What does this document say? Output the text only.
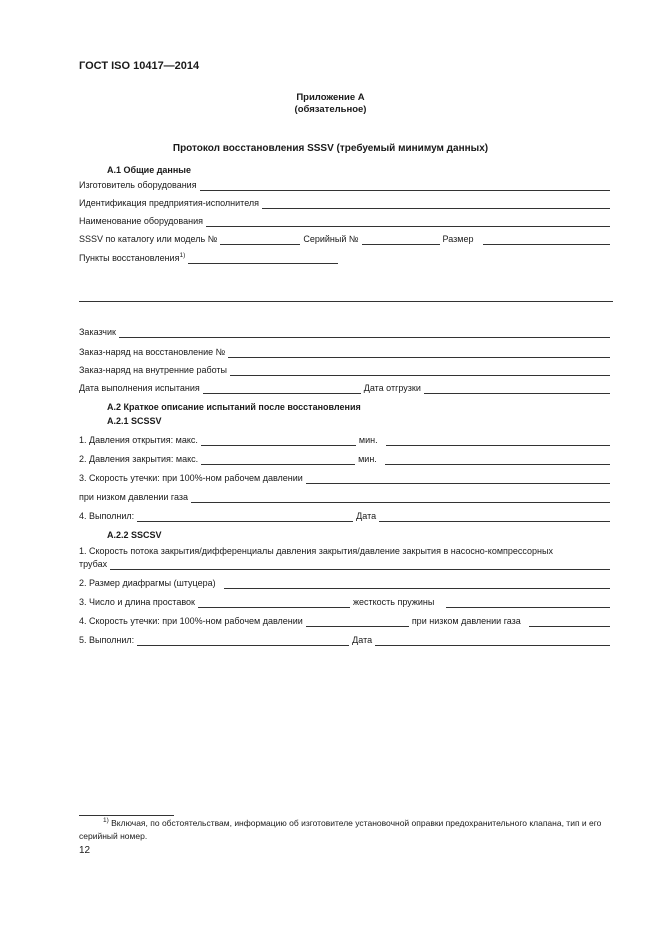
ГОСТ ISO 10417—2014
Приложение А
(обязательное)
Протокол восстановления SSSV (требуемый минимум данных)
А.1 Общие данные
Изготовитель оборудования
Идентификация предприятия-исполнителя
Наименование оборудования
SSSV по каталогу или модель №	Серийный №	Размер
Пункты восстановления$^{1)}$
Заказчик
Заказ-наряд на восстановление №
Заказ-наряд на внутренние работы
Дата выполнения испытания	Дата отгрузки
А.2 Краткое описание испытаний после восстановления
А.2.1 SCSSV
1. Давления открытия: макс.	мин.
2. Давления закрытия: макс.	мин.
3. Скорость утечки: при 100%-ном рабочем давлении
при низком давлении газа
4. Выполнил:	Дата
А.2.2 SSCSV
1. Скорость потока закрытия/дифференциалы давления закрытия/давление закрытия в насосно-компрессорных
трубах
2. Размер диафрагмы (штуцера)
3. Число и длина проставок	жесткость пружины
4. Скорость утечки: при 100%-ном рабочем давлении	при низком давлении газа
5. Выполнил:	Дата
$^{1)}$ Включая, по обстоятельствам, информацию об изготовителе установочной оправки предохранительного клапана, тип и его серийный номер.
12
